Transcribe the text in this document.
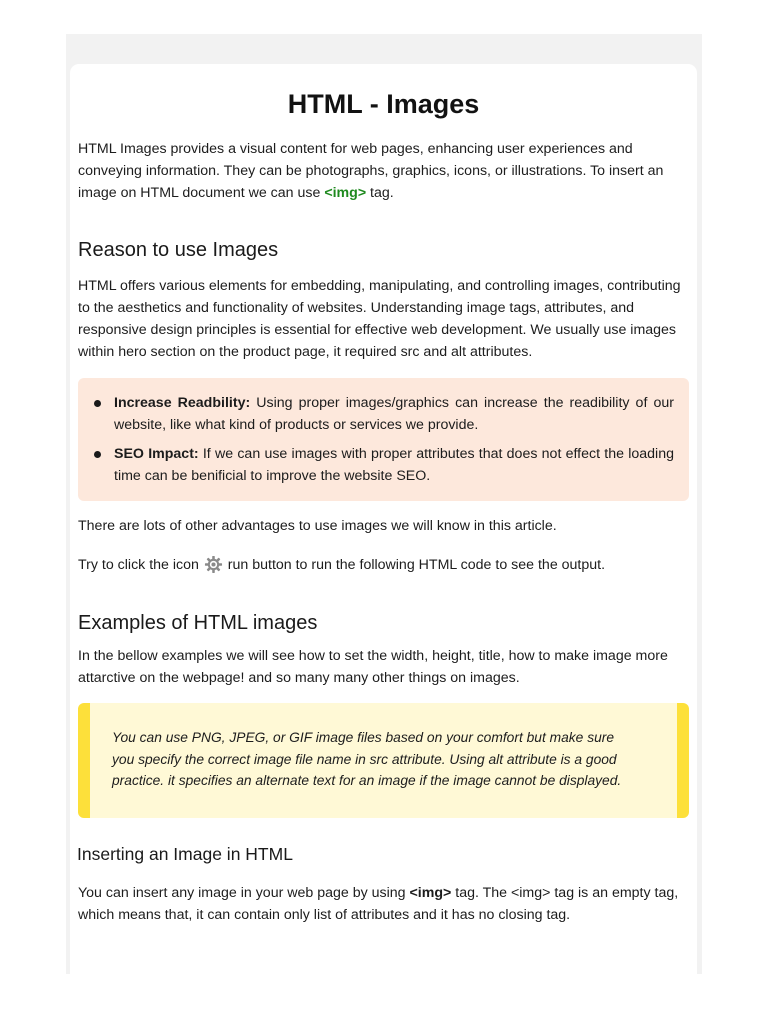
HTML - Images

HTML Images provides a visual content for web pages, enhancing user experiences and conveying information. They can be photographs, graphics, icons, or illustrations. To insert an image on HTML document we can use <img> tag.

Reason to use Images

HTML offers various elements for embedding, manipulating, and controlling images, contributing to the aesthetics and functionality of websites. Understanding image tags, attributes, and responsive design principles is essential for effective web development. We usually use images within hero section on the product page, it required src and alt attributes.

Increase Readbility: Using proper images/graphics can increase the readibility of our website, like what kind of products or services we provide.
SEO Impact: If we can use images with proper attributes that does not effect the loading time can be benificial to improve the website SEO.

There are lots of other advantages to use images we will know in this article.

Try to click the icon  run button to run the following HTML code to see the output.

Examples of HTML images

In the bellow examples we will see how to set the width, height, title, how to make image more attarctive on the webpage! and so many many other things on images.

You can use PNG, JPEG, or GIF image files based on your comfort but make sure you specify the correct image file name in src attribute. Using alt attribute is a good practice. it specifies an alternate text for an image if the image cannot be displayed.

Inserting an Image in HTML

You can insert any image in your web page by using <img> tag. The <img> tag is an empty tag, which means that, it can contain only list of attributes and it has no closing tag.
